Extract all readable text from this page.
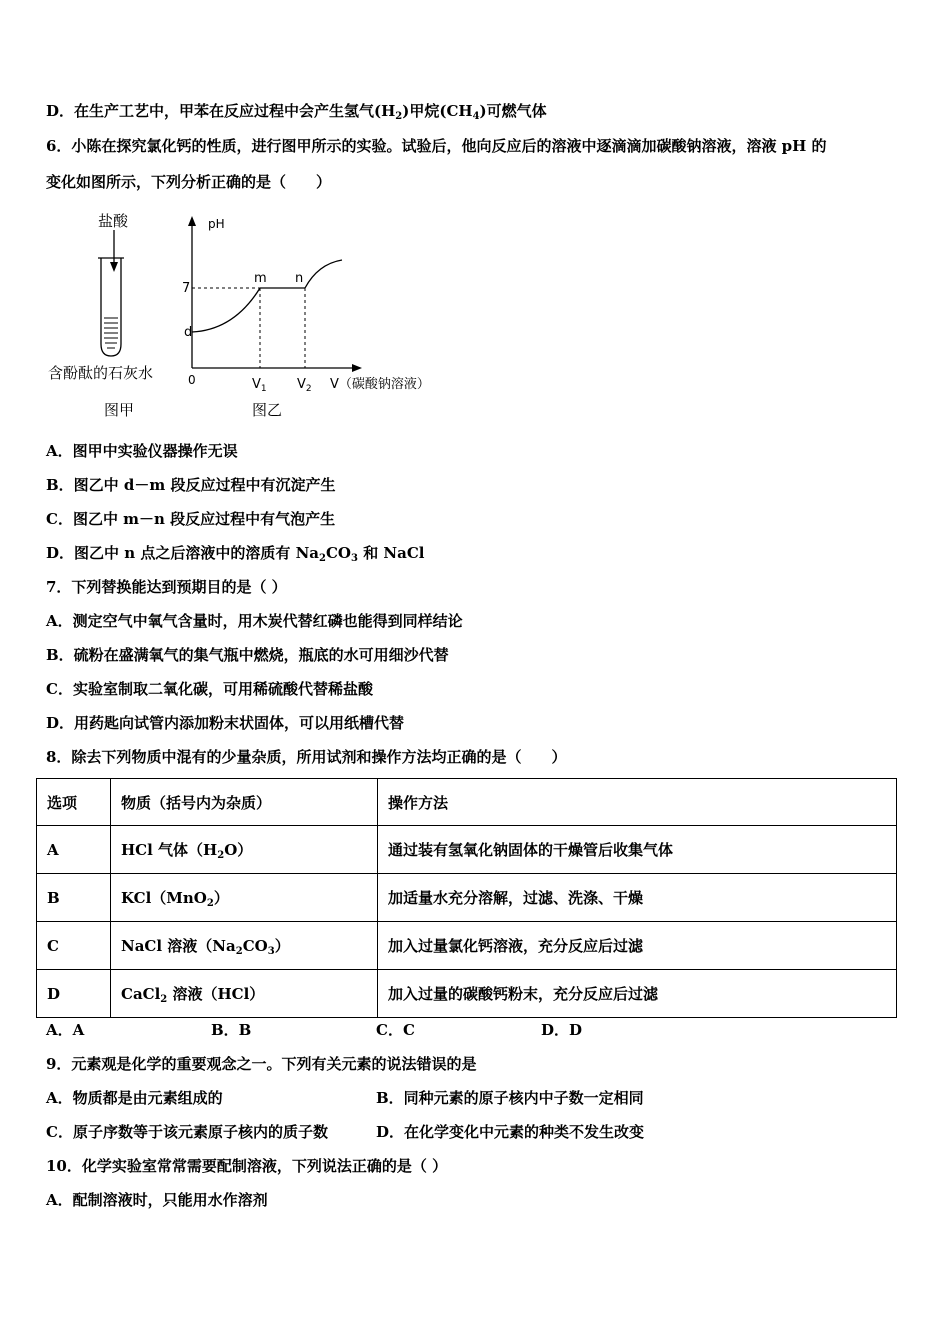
D．在生产工艺中，甲苯在反应过程中会产生氢气$(H_2)$甲烷$(CH_4)$可燃气体
6．小陈在探究氯化钙的性质，进行图甲所示的实验。试验后，他向反应后的溶液中逐滴滴加碳酸钠溶液，溶液 pH 的
变化如图所示，下列分析正确的是（　　）
盐酸
含酚酞的石灰水
图甲
pH
7
d
0
m n
$V_1$ $V_2$ V（碳酸钠溶液）
图乙
A．图甲中实验仪器操作无误
B．图乙中 d－m 段反应过程中有沉淀产生
C．图乙中 m－n 段反应过程中有气泡产生
D．图乙中 n 点之后溶液中的溶质有 $Na_2CO_3$ 和 NaCl
7．下列替换能达到预期目的是（ ）
A．测定空气中氧气含量时，用木炭代替红磷也能得到同样结论
B．硫粉在盛满氧气的集气瓶中燃烧，瓶底的水可用细沙代替
C．实验室制取二氧化碳，可用稀硫酸代替稀盐酸
D．用药匙向试管内添加粉末状固体，可以用纸槽代替
8．除去下列物质中混有的少量杂质，所用试剂和操作方法均正确的是（　　）
选项	物质（括号内为杂质）	操作方法
A	HCl 气体$(H_2O)$	通过装有氢氧化钠固体的干燥管后收集气体
B	KCl（MnO$_2$）	加适量水充分溶解，过滤、洗涤、干燥
C	NaCl 溶液$(Na_2CO_3)$	加入过量氯化钙溶液，充分反应后过滤
D	CaCl$_2$ 溶液（HCl）	加入过量的碳酸钙粉末，充分反应后过滤
A．A	B．B	C．C	D．D
9．元素观是化学的重要观念之一。下列有关元素的说法错误的是
A．物质都是由元素组成的	B．同种元素的原子核内中子数一定相同
C．原子序数等于该元素原子核内的质子数	D．在化学变化中元素的种类不发生改变
10．化学实验室常常需要配制溶液，下列说法正确的是（ ）
A．配制溶液时，只能用水作溶剂
